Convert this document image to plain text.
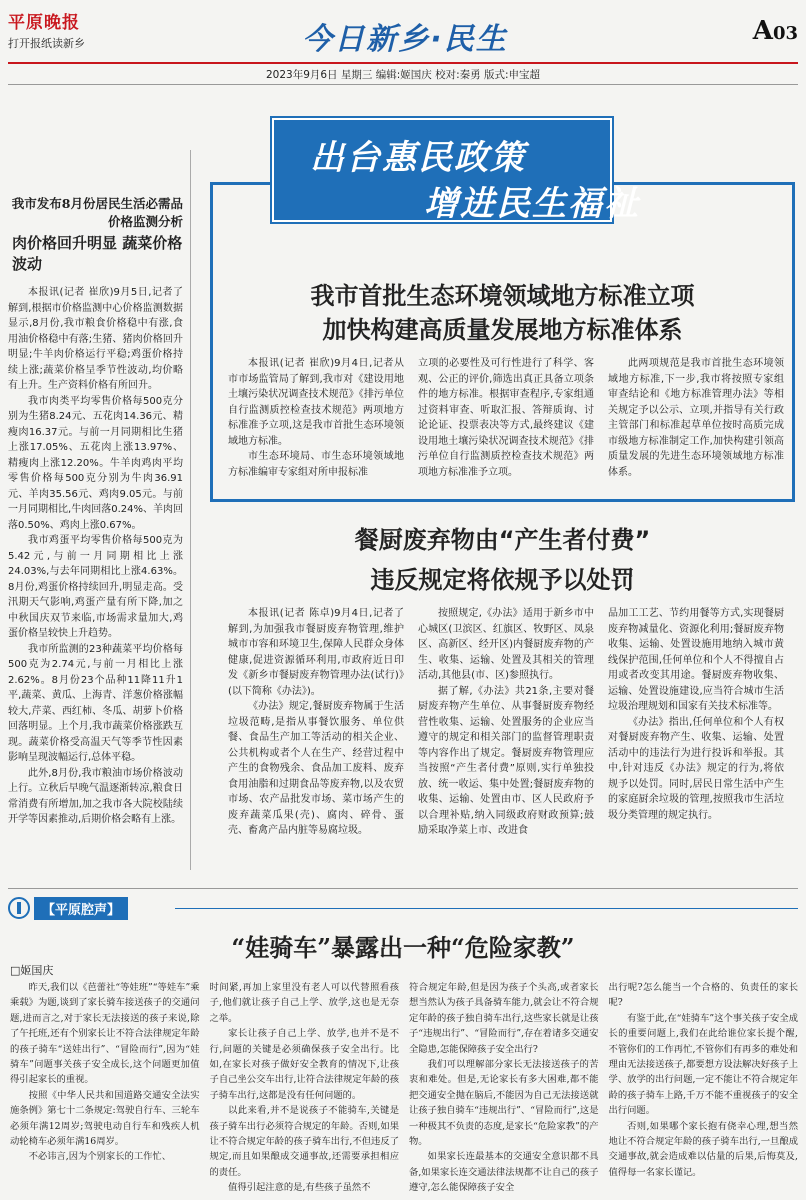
平原晚报
打开报纸读新乡	今日新乡·民生	A03
2023年9月6日 星期三 编辑:姬国庆 校对:秦勇 版式:申宝超
我市发布8月份居民生活必需品价格监测分析
肉价格回升明显 蔬菜价格波动

本报讯(记者 崔欣)9月5日,记者了解到,根据市价格监测中心价格监测数据显示,8月份,我市粮食价格稳中有涨,食用油价格稳中有落;生猪、猪肉价格回升明显;牛羊肉价格运行平稳;鸡蛋价格持续上涨;蔬菜价格呈季节性波动,均价略有上升。生产资料价格有所回升。

我市肉类平均零售价格每500克分别为生猪8.24元、五花肉14.36元、精瘦肉16.37元。与前一月同期相比生猪上涨17.05%、五花肉上涨13.97%、精瘦肉上涨12.20%。牛羊肉鸡肉平均零售价格每500克分别为牛肉36.91元、羊肉35.56元、鸡肉9.05元。与前一月同期相比,牛肉回落0.24%、羊肉回落0.50%、鸡肉上涨0.67%。

我市鸡蛋平均零售价格每500克为5.42元,与前一月同期相比上涨24.03%,与去年同期相比上涨4.63%。8月份,鸡蛋价格持续回升,明显走高。受汛期天气影响,鸡蛋产量有所下降,加之中秋国庆双节来临,市场需求量加大,鸡蛋价格呈较快上升趋势。

我市所监测的23种蔬菜平均价格每500克为2.74元,与前一月相比上涨2.62%。8月份23个品种11降11升1平,蔬菜、黄瓜、上海青、洋葱价格涨幅较大,芹菜、西红柿、冬瓜、胡萝卜价格回落明显。上个月,我市蔬菜价格涨跌互现。蔬菜价格受高温天气等季节性因素影响呈现波幅运行,总体平稳。

此外,8月份,我市粮油市场价格波动上行。立秋后早晚气温逐渐转凉,粮食日常消费有所增加,加之我市各大院校陆续开学等因素推动,后期价格会略有上涨。

出台惠民政策
增进民生福祉
我市首批生态环境领域地方标准立项
加快构建高质量发展地方标准体系

本报讯(记者 崔欣)9月4日,记者从市市场监管局了解到,我市对《建设用地土壤污染状况调查技术规范》《排污单位自行监测质控检查技术规范》两项地方标准准予立项,这是我市首批生态环境领域地方标准。

市生态环境局、市生态环境领域地方标准编审专家组对所申报标准

立项的必要性及可行性进行了科学、客观、公正的评价,筛选出真正具备立项条件的地方标准。根据审查程序,专家组通过资料审查、听取汇报、答辩质询、讨论论证、投票表决等方式,最终建议《建设用地土壤污染状况调查技术规范》《排污单位自行监测质控检查技术规范》两项地方标准准予立项。

此两项规范是我市首批生态环境领域地方标准,下一步,我市将按照专家组审查结论和《地方标准管理办法》等相关规定予以公示、立项,并指导有关行政主管部门和标准起草单位按时高质完成市级地方标准制定工作,加快构建引领高质量发展的先进生态环境领域地方标准体系。

餐厨废弃物由“产生者付费”
违反规定将依规予以处罚

本报讯(记者 陈卓)9月4日,记者了解到,为加强我市餐厨废弃物管理,维护城市市容和环境卫生,保障人民群众身体健康,促进资源循环利用,市政府近日印发《新乡市餐厨废弃物管理办法(试行)》(以下简称《办法》)。

《办法》规定,餐厨废弃物属于生活垃圾范畴,是指从事餐饮服务、单位供餐、食品生产加工等活动的相关企业、公共机构或者个人在生产、经营过程中产生的食物残余、食品加工废料、废弃食用油脂和过期食品等废弃物,以及农贸市场、农产品批发市场、菜市场产生的废弃蔬菜瓜果(壳)、腐肉、碎骨、蛋壳、畜禽产品内脏等易腐垃圾。

按照规定,《办法》适用于新乡市中心城区(卫滨区、红旗区、牧野区、凤泉区、高新区、经开区)内餐厨废弃物的产生、收集、运输、处置及其相关的管理活动,其他县(市、区)参照执行。

据了解,《办法》共21条,主要对餐厨废弃物产生单位、从事餐厨废弃物经营性收集、运输、处置服务的企业应当遵守的规定和相关部门的监督管理职责等内容作出了规定。餐厨废弃物管理应当按照“产生者付费”原则,实行单独投放、统一收运、集中处置;餐厨废弃物的收集、运输、处置由市、区人民政府予以合理补贴,纳入同级政府财政预算;鼓励采取净菜上市、改进食

品加工工艺、节约用餐等方式,实现餐厨废弃物减量化、资源化利用;餐厨废弃物收集、运输、处置设施用地纳入城市黄线保护范围,任何单位和个人不得擅自占用或者改变其用途。餐厨废弃物收集、运输、处置设施建设,应当符合城市生活垃圾治理规划和国家有关技术标准等。

《办法》指出,任何单位和个人有权对餐厨废弃物产生、收集、运输、处置活动中的违法行为进行投诉和举报。其中,针对违反《办法》规定的行为,将依规予以处罚。同时,居民日常生活中产生的家庭厨余垃圾的管理,按照我市生活垃圾分类管理的规定执行。

【平原腔声】
“娃骑车”暴露出一种“危险家教”
□姬国庆

昨天,我们以《芭蕾社“等娃班”“等娃车”乘乘载》为题,谈到了家长骑车接送孩子的交通问题,进而言之,对于家长无法接送的孩子来说,除了午托班,还有个别家长让不符合法律规定年龄的孩子骑车“送娃出行”、“冒险而行”,因为“娃骑车”问题事关孩子安全成长,这个问题更加值得引起家长的重视。

按照《中华人民共和国道路交通安全法实施条例》第七十二条规定:驾驶自行车、三轮车必须年满12周岁;驾驶电动自行车和残疾人机动轮椅车必须年满16周岁。

不必讳言,因为个别家长的工作忙、

时间紧,再加上家里没有老人可以代替照看孩子,他们就让孩子自己上学、放学,这也是无奈之举。

家长让孩子自己上学、放学,也并不是不行,问题的关键是必须确保孩子安全出行。比如,在家长对孩子做好安全教育的情况下,让孩子自己坐公交车出行,让符合法律规定年龄的孩子骑车出行,这都是没有任何问题的。

以此来看,并不是说孩子不能骑车,关键是孩子骑车出行必须符合规定的年龄。否则,如果让不符合规定年龄的孩子骑车出行,不但违反了规定,而且如果酿成交通事故,还需要承担相应的责任。

值得引起注意的是,有些孩子虽然不

符合规定年龄,但是因为孩子个头高,或者家长想当然认为孩子具备骑车能力,就会让不符合规定年龄的孩子独自骑车出行,这些家长就是让孩子“违规出行”、“冒险而行”,存在着诸多交通安全隐患,怎能保障孩子安全出行?

我们可以理解部分家长无法接送孩子的苦衷和难处。但是,无论家长有多大困难,都不能把交通安全抛在脑后,不能因为自己无法接送就让孩子独自骑车“违规出行”、“冒险而行”,这是一种极其不负责的态度,是家长“危险家教”的产物。

如果家长连最基本的交通安全意识都不具备,如果家长连交通法律法规都不让自己的孩子遵守,怎么能保障孩子安全

出行呢?怎么能当一个合格的、负责任的家长呢?

有鉴于此,在“娃骑车”这个事关孩子安全成长的重要问题上,我们在此给谁位家长提个醒,不管你们的工作再忙,不管你们有再多的难处和理由无法接送孩子,都要想方设法解决好孩子上学、放学的出行问题,一定不能让不符合规定年龄的孩子骑车上路,千万不能不重视孩子的安全出行问题。

否则,如果哪个家长抱有侥幸心理,想当然地让不符合规定年龄的孩子骑车出行,一旦酿成交通事故,就会造成难以估量的后果,后悔莫及,值得每一名家长谨记。
